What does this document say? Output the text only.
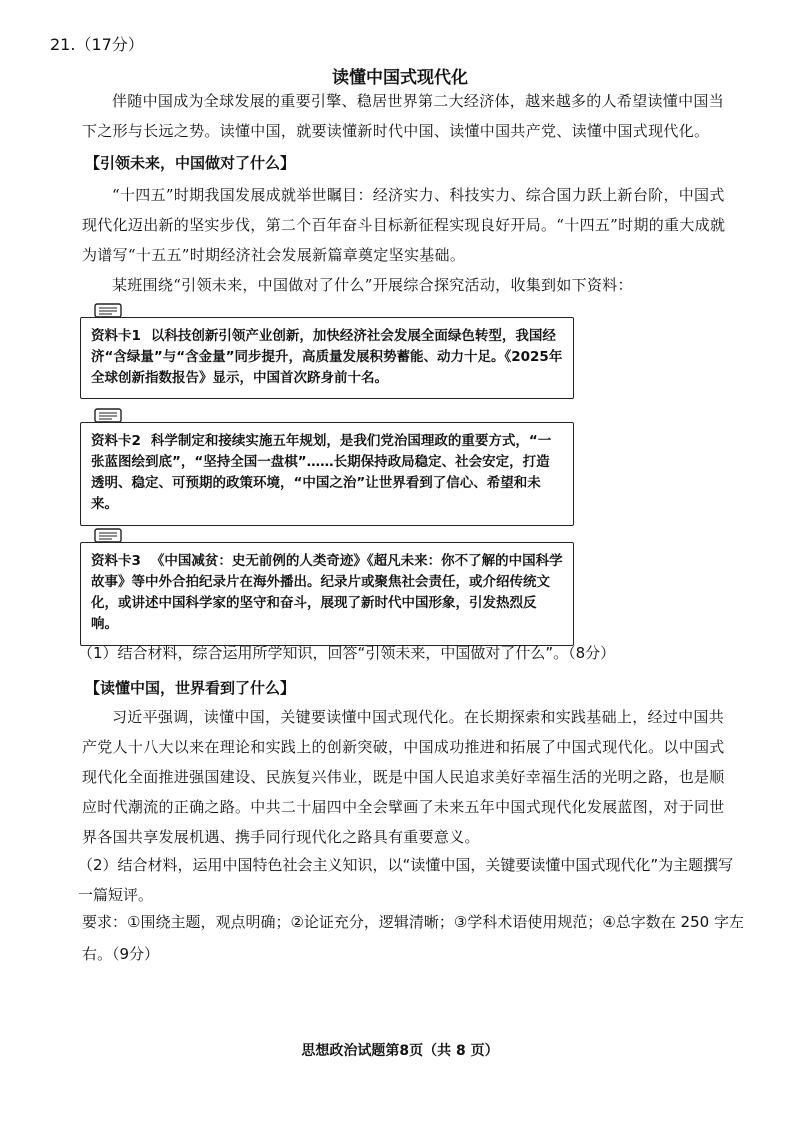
21.（17分）
读懂中国式现代化

伴随中国成为全球发展的重要引擎、稳居世界第二大经济体，越来越多的人希望读懂中国当下之形与长远之势。读懂中国，就要读懂新时代中国、读懂中国共产党、读懂中国式现代化。

【引领未来，中国做对了什么】

“十四五”时期我国发展成就举世瞩目：经济实力、科技实力、综合国力跃上新台阶，中国式现代化迈出新的坚实步伐，第二个百年奋斗目标新征程实现良好开局。“十四五”时期的重大成就为谱写“十五五”时期经济社会发展新篇章奠定坚实基础。

某班围绕“引领未来，中国做对了什么”开展综合探究活动，收集到如下资料：

资料卡1 以科技创新引领产业创新，加快经济社会发展全面绿色转型，我国经济“含绿量”与“含金量”同步提升，高质量发展积势蓄能、动力十足。《2025年全球创新指数报告》显示，中国首次跻身前十名。
资料卡2 科学制定和接续实施五年规划，是我们党治国理政的重要方式，“一张蓝图绘到底”，“坚持全国一盘棋”……长期保持政局稳定、社会安定，打造透明、稳定、可预期的政策环境，“中国之治”让世界看到了信心、希望和未来。
资料卡3 《中国减贫：史无前例的人类奇迹》《超凡未来：你不了解的中国科学故事》等中外合拍纪录片在海外播出。纪录片或聚焦社会责任，或介绍传统文化，或讲述中国科学家的坚守和奋斗，展现了新时代中国形象，引发热烈反响。

（1）结合材料，综合运用所学知识，回答“引领未来，中国做对了什么”。（8分）

【读懂中国，世界看到了什么】

习近平强调，读懂中国，关键要读懂中国式现代化。在长期探索和实践基础上，经过中国共产党人十八大以来在理论和实践上的创新突破，中国成功推进和拓展了中国式现代化。以中国式现代化全面推进强国建设、民族复兴伟业，既是中国人民追求美好幸福生活的光明之路，也是顺应时代潮流的正确之路。中共二十届四中全会擘画了未来五年中国式现代化发展蓝图，对于同世界各国共享发展机遇、携手同行现代化之路具有重要意义。

（2）结合材料，运用中国特色社会主义知识，以“读懂中国，关键要读懂中国式现代化”为主题撰写一篇短评。

要求：①围绕主题，观点明确；②论证充分，逻辑清晰；③学科术语使用规范；④总字数在 250 字左右。（9分）

思想政治试题第8页（共 8 页）
